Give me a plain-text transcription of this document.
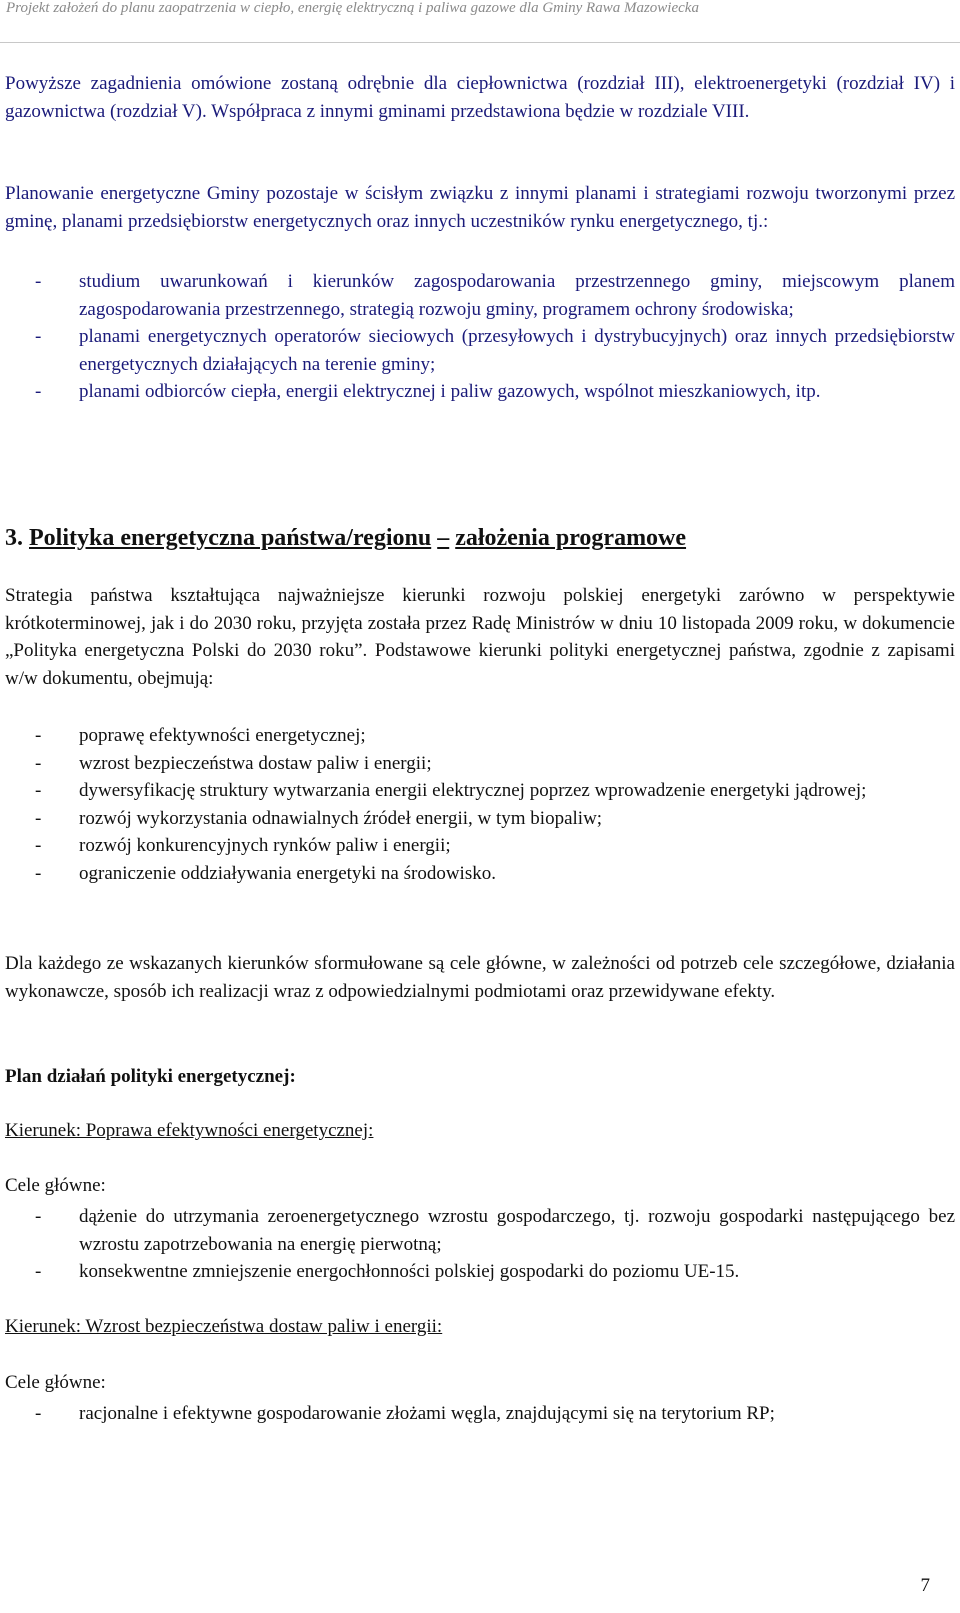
Projekt założeń do planu zaopatrzenia w ciepło, energię elektryczną i paliwa gazowe dla Gminy Rawa Mazowiecka

Powyższe zagadnienia omówione zostaną odrębnie dla ciepłownictwa (rozdział III), elektroenergetyki (rozdział IV) i gazownictwa (rozdział V). Współpraca z innymi gminami przedstawiona będzie w rozdziale VIII.

Planowanie energetyczne Gminy pozostaje w ścisłym związku z innymi planami i strategiami rozwoju tworzonymi przez gminę, planami przedsiębiorstw energetycznych oraz innych uczestników rynku energetycznego, tj.:

- studium uwarunkowań i kierunków zagospodarowania przestrzennego gminy, miejscowym planem zagospodarowania przestrzennego, strategią rozwoju gminy, programem ochrony środowiska;
- planami energetycznych operatorów sieciowych (przesyłowych i dystrybucyjnych) oraz innych przedsiębiorstw energetycznych działających na terenie gminy;
- planami odbiorców ciepła, energii elektrycznej i paliw gazowych, wspólnot mieszkaniowych, itp.
3. Polityka energetyczna państwa/regionu – założenia programowe

Strategia państwa kształtująca najważniejsze kierunki rozwoju polskiej energetyki zarówno w perspektywie krótkoterminowej, jak i do 2030 roku, przyjęta została przez Radę Ministrów w dniu 10 listopada 2009 roku, w dokumencie „Polityka energetyczna Polski do 2030 roku”. Podstawowe kierunki polityki energetycznej państwa, zgodnie z zapisami w/w dokumentu, obejmują:

- poprawę efektywności energetycznej;
- wzrost bezpieczeństwa dostaw paliw i energii;
- dywersyfikację struktury wytwarzania energii elektrycznej poprzez wprowadzenie energetyki jądrowej;
- rozwój wykorzystania odnawialnych źródeł energii, w tym biopaliw;
- rozwój konkurencyjnych rynków paliw i energii;
- ograniczenie oddziaływania energetyki na środowisko.

Dla każdego ze wskazanych kierunków sformułowane są cele główne, w zależności od potrzeb cele szczegółowe, działania wykonawcze, sposób ich realizacji wraz z odpowiedzialnymi podmiotami oraz przewidywane efekty.

Plan działań polityki energetycznej:
Kierunek: Poprawa efektywności energetycznej:
Cele główne:
- dążenie do utrzymania zeroenergetycznego wzrostu gospodarczego, tj. rozwoju gospodarki następującego bez wzrostu zapotrzebowania na energię pierwotną;
- konsekwentne zmniejszenie energochłonności polskiej gospodarki do poziomu UE-15.
Kierunek: Wzrost bezpieczeństwa dostaw paliw i energii:
Cele główne:
- racjonalne i efektywne gospodarowanie złożami węgla, znajdującymi się na terytorium RP;
7
